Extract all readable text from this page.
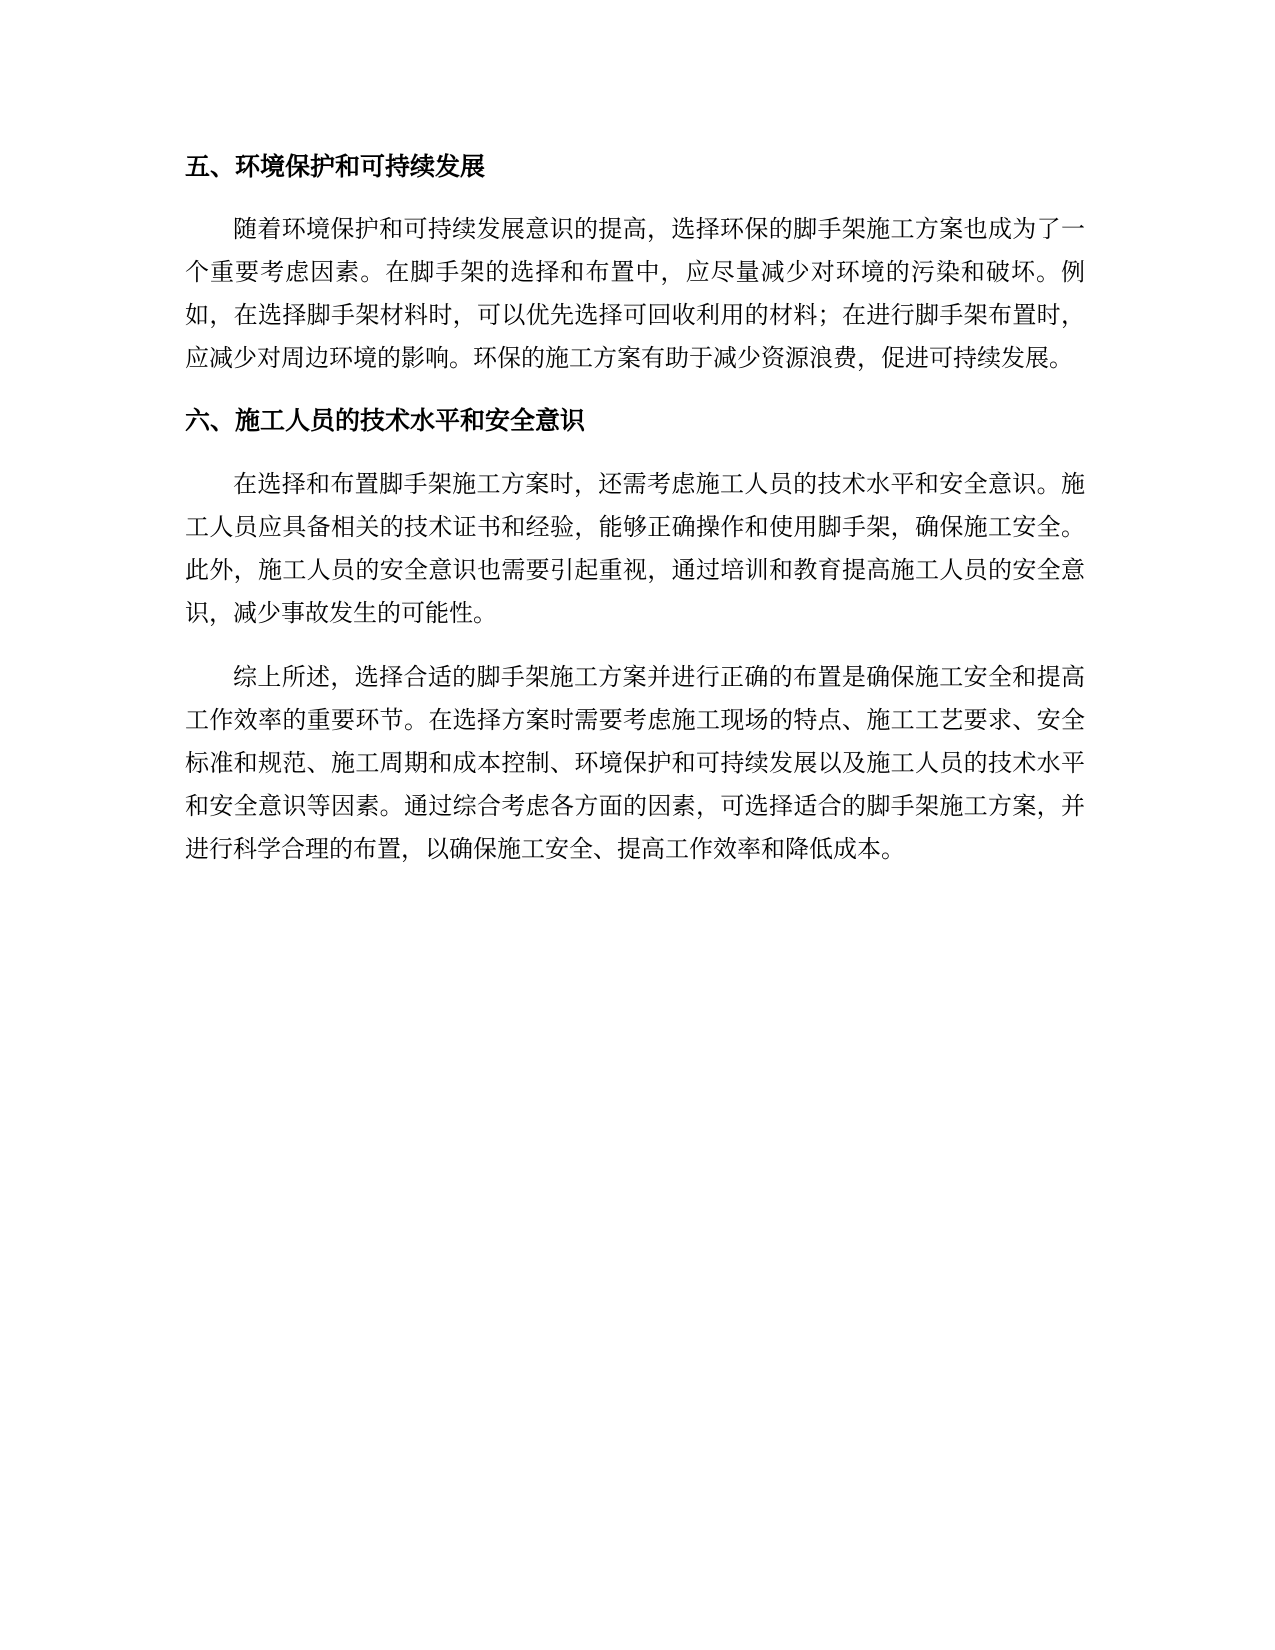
五、环境保护和可持续发展

随着环境保护和可持续发展意识的提高，选择环保的脚手架施工方案也成为了一个重要考虑因素。在脚手架的选择和布置中，应尽量减少对环境的污染和破坏。例如，在选择脚手架材料时，可以优先选择可回收利用的材料；在进行脚手架布置时，应减少对周边环境的影响。环保的施工方案有助于减少资源浪费，促进可持续发展。

六、施工人员的技术水平和安全意识

在选择和布置脚手架施工方案时，还需考虑施工人员的技术水平和安全意识。施工人员应具备相关的技术证书和经验，能够正确操作和使用脚手架，确保施工安全。此外，施工人员的安全意识也需要引起重视，通过培训和教育提高施工人员的安全意识，减少事故发生的可能性。

综上所述，选择合适的脚手架施工方案并进行正确的布置是确保施工安全和提高工作效率的重要环节。在选择方案时需要考虑施工现场的特点、施工工艺要求、安全标准和规范、施工周期和成本控制、环境保护和可持续发展以及施工人员的技术水平和安全意识等因素。通过综合考虑各方面的因素，可选择适合的脚手架施工方案，并进行科学合理的布置，以确保施工安全、提高工作效率和降低成本。
